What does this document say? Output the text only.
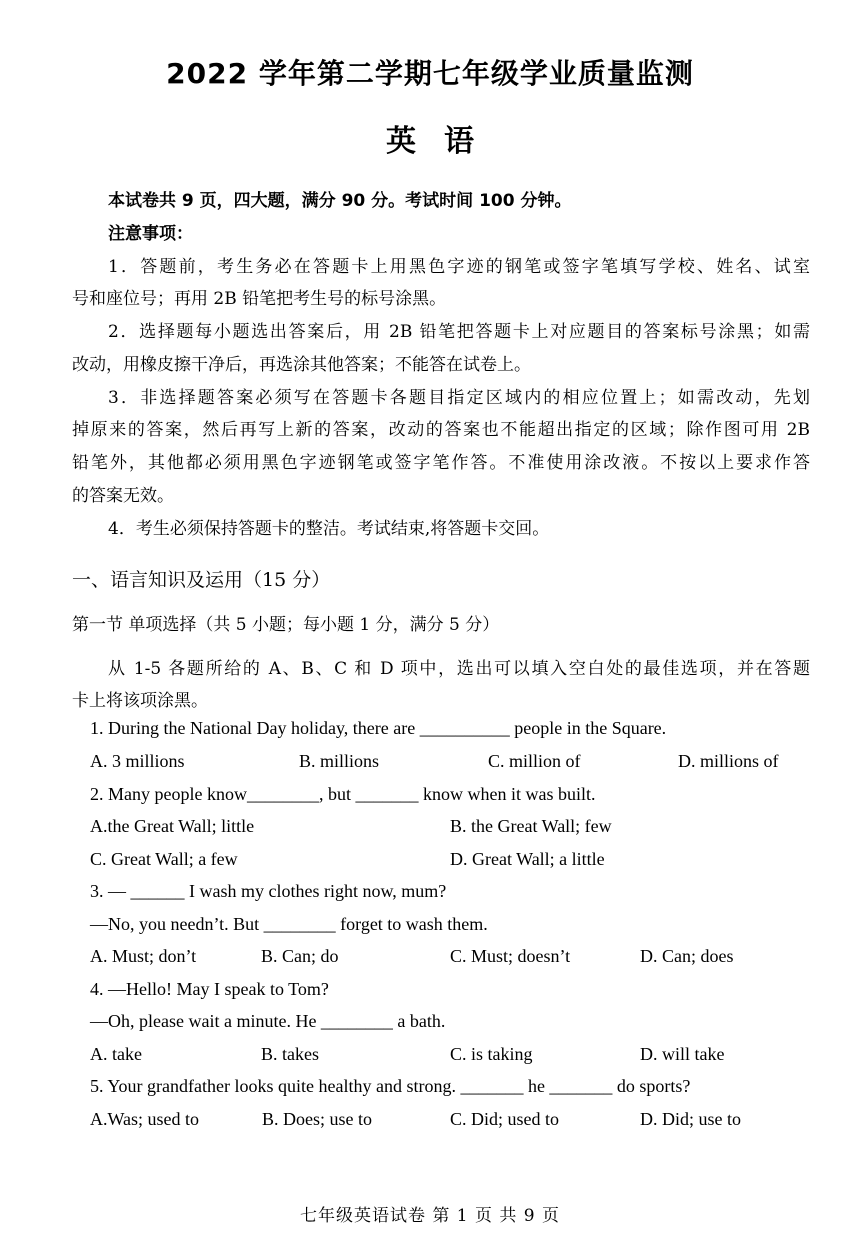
2022 学年第二学期七年级学业质量监测
英语
本试卷共 9 页，四大题，满分 90 分。考试时间 100 分钟。
注意事项：
1．答题前，考生务必在答题卡上用黑色字迹的钢笔或签字笔填写学校、姓名、试室
号和座位号；再用 2B 铅笔把考生号的标号涂黑。
2．选择题每小题选出答案后，用 2B 铅笔把答题卡上对应题目的答案标号涂黑；如需
改动，用橡皮擦干净后，再选涂其他答案；不能答在试卷上。
3．非选择题答案必须写在答题卡各题目指定区域内的相应位置上；如需改动，先划
掉原来的答案，然后再写上新的答案，改动的答案也不能超出指定的区域；除作图可用 2B
铅笔外，其他都必须用黑色字迹钢笔或签字笔作答。不准使用涂改液。不按以上要求作答
的答案无效。
4．考生必须保持答题卡的整洁。考试结束,将答题卡交回。
一、语言知识及运用（15 分）
第一节 单项选择（共 5 小题；每小题 1 分，满分 5 分）
从 1-5 各题所给的 A、B、C 和 D 项中，选出可以填入空白处的最佳选项，并在答题
卡上将该项涂黑。
1. During the National Day holiday, there are __________ people in the Square.
A. 3 millions	B. millions	C. million of	D. millions of
2. Many people know________, but _______ know when it was built.
A.the Great Wall; little	B. the Great Wall; few
C. Great Wall; a few	D. Great Wall; a little
3. — ______ I wash my clothes right now, mum?
—No, you needn’t. But ________ forget to wash them.
A. Must; don’t	B. Can; do	C. Must; doesn’t	D. Can; does
4. —Hello! May I speak to Tom?
—Oh, please wait a minute. He ________ a bath.
A. take	B. takes	C. is taking	D. will take
5. Your grandfather looks quite healthy and strong. _______ he _______ do sports?
A.Was; used to	B. Does; use to	C. Did; used to	D. Did; use to
七年级英语试卷 第 1 页 共 9 页
